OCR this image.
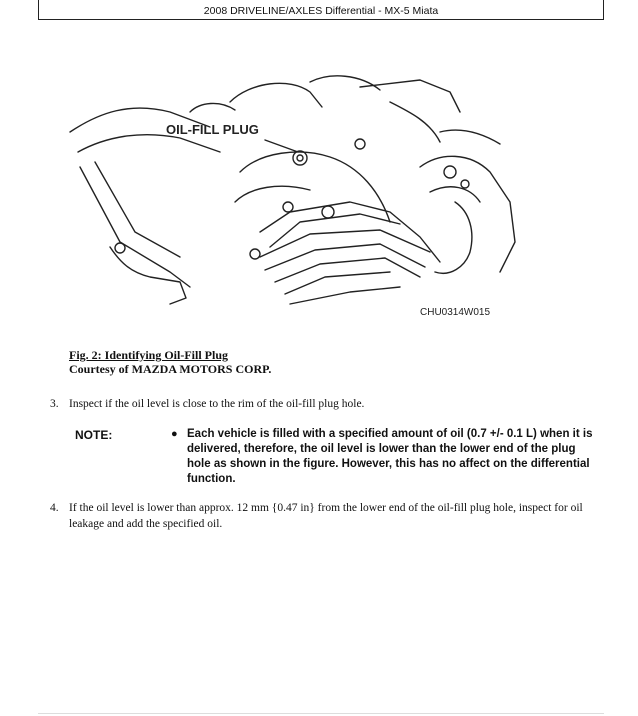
2008 DRIVELINE/AXLES Differential - MX-5 Miata
OIL-FILL PLUG
CHU0314W015
Fig. 2: Identifying Oil-Fill Plug
Courtesy of MAZDA MOTORS CORP.
3. Inspect if the oil level is close to the rim of the oil-fill plug hole.
NOTE:	● Each vehicle is filled with a specified amount of oil (0.7 +/- 0.1 L) when it is delivered, therefore, the oil level is lower than the lower end of the plug hole as shown in the figure. However, this has no affect on the differential function.
4. If the oil level is lower than approx. 12 mm {0.47 in} from the lower end of the oil-fill plug hole, inspect for oil leakage and add the specified oil.
